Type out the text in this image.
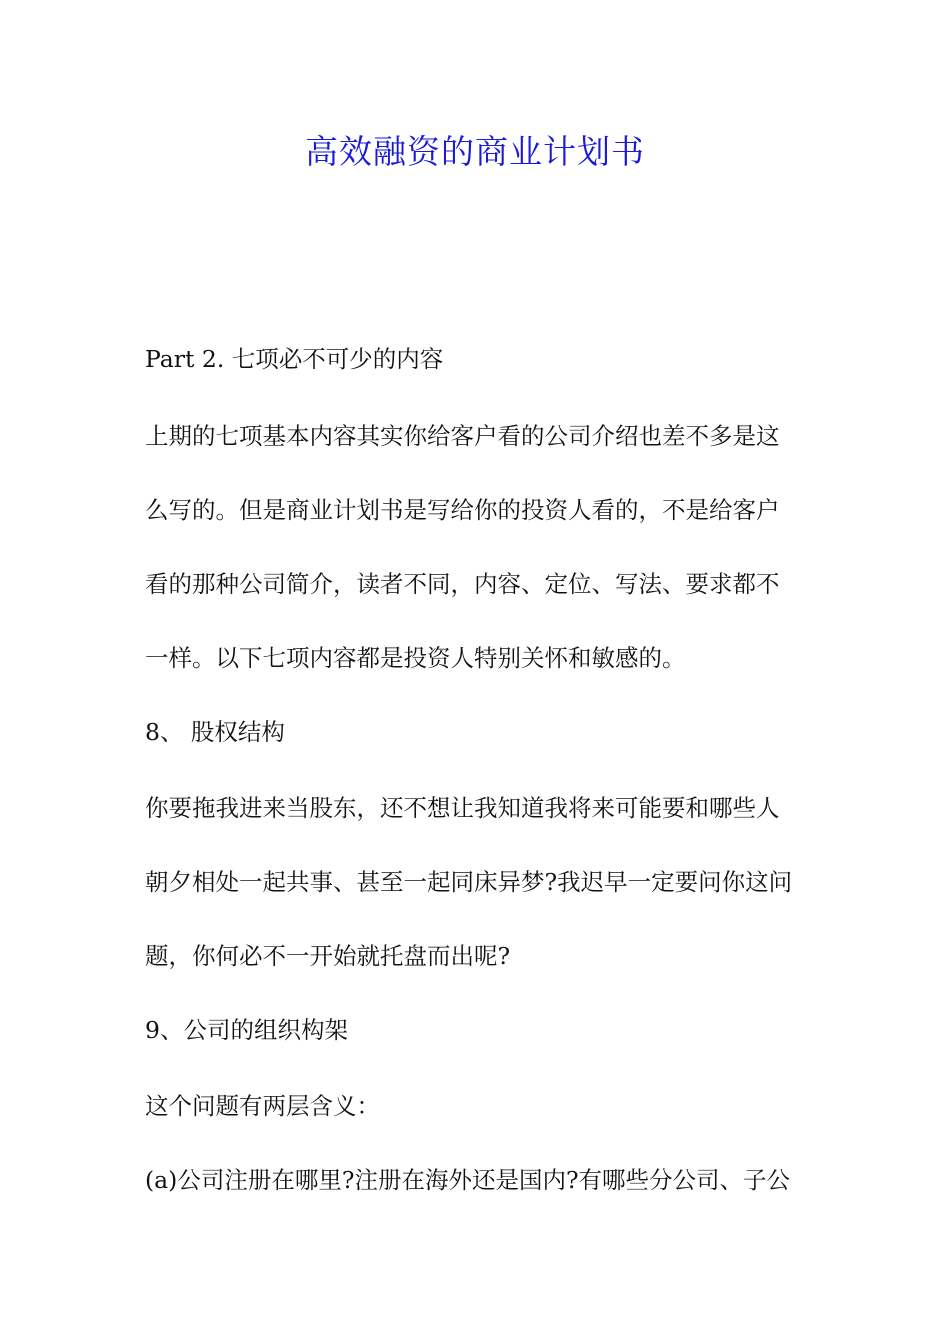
高效融资的商业计划书
Part 2. 七项必不可少的内容
上期的七项基本内容其实你给客户看的公司介绍也差不多是这
么写的。但是商业计划书是写给你的投资人看的，不是给客户
看的那种公司简介，读者不同，内容、定位、写法、要求都不
一样。以下七项内容都是投资人特别关怀和敏感的。
8、 股权结构
你要拖我进来当股东，还不想让我知道我将来可能要和哪些人
朝夕相处一起共事、甚至一起同床异梦?我迟早一定要问你这问
题，你何必不一开始就托盘而出呢?
9、公司的组织构架
这个问题有两层含义：
(a)公司注册在哪里?注册在海外还是国内?有哪些分公司、子公
